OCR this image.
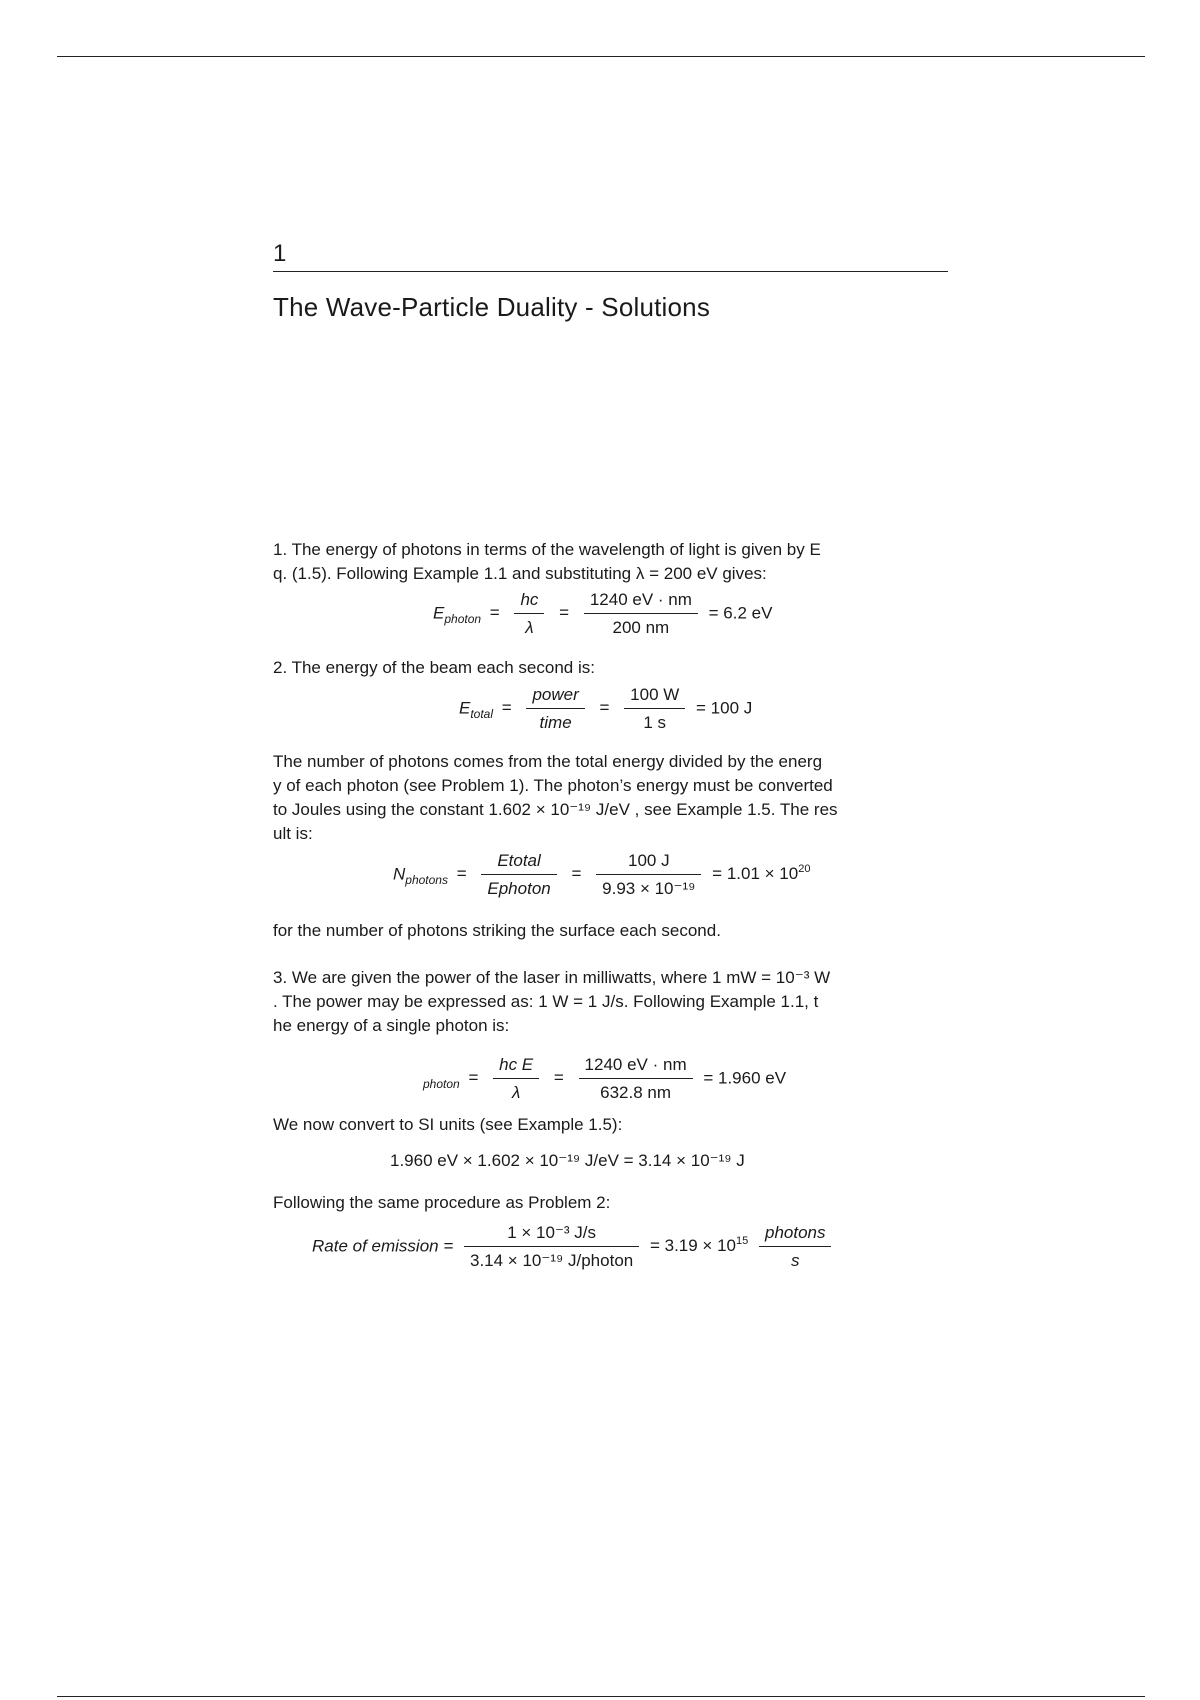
1
The Wave-Particle Duality - Solutions
1. The energy of photons in terms of the wavelength of light is given by E
q. (1.5). Following Example 1.1 and substituting λ = 200 eV gives:
$E_{photon} = \frac{hc}{\lambda} = \frac{1240 eV \cdot nm}{200 nm} = 6.2$ eV
2. The energy of the beam each second is:
$E_{total} = \frac{\text{power}}{\text{time}} = \frac{100 W}{1 s} = 100$ J
The number of photons comes from the total energy divided by the energ
y of each photon (see Problem 1). The photon’s energy must be converted
to Joules using the constant 1.602 × 10⁻¹⁹ J/eV , see Example 1.5. The res
ult is:
$N_{photons} = \frac{\text{Etotal}}{\text{Ephoton}} = \frac{100 J}{\text{9.93 × 10⁻¹⁹}} = 1.01 \times 10^{20}$
for the number of photons striking the surface each second.
3. We are given the power of the laser in milliwatts, where 1 mW = 10⁻³ W
. The power may be expressed as: 1 W = 1 J/s. Following Example 1.1, t
he energy of a single photon is:
$_{photon} = \frac{\text{hc E}}{\lambda} = \frac{1240 eV \cdot nm}{632.8 nm} = 1.960$ eV
We now convert to SI units (see Example 1.5):
1.960 eV × 1.602 × 10⁻¹⁹ J/eV = 3.14 × 10⁻¹⁹ J
Following the same procedure as Problem 2:
Rate of emission = $\frac{\text{1 × 10⁻³ J/s}}{\text{3.14 × 10⁻¹⁹ J/photon}} = 3.19 \times 10^{15} \frac{\text{photons}}{s}$
